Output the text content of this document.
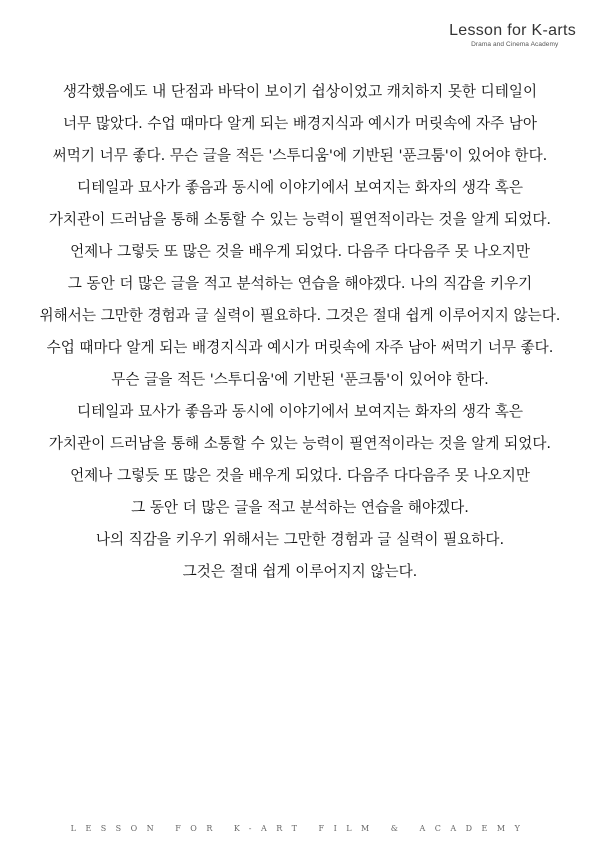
Lesson for K-arts
Drama and Cinema Academy
생각했음에도 내 단점과 바닥이 보이기 쉽상이었고 캐치하지 못한 디테일이
너무 많았다. 수업 때마다 알게 되는 배경지식과 예시가 머릿속에 자주 남아
써먹기 너무 좋다. 무슨 글을 적든 '스투디움'에 기반된 '푼크툼'이 있어야 한다.
디테일과 묘사가 좋음과 동시에 이야기에서 보여지는 화자의 생각 혹은
가치관이 드러남을 통해 소통할 수 있는 능력이 필연적이라는 것을 알게 되었다.
언제나 그렇듯 또 많은 것을 배우게 되었다. 다음주 다다음주 못 나오지만
그 동안 더 많은 글을 적고 분석하는 연습을 해야겠다. 나의 직감을 키우기
위해서는 그만한 경험과 글 실력이 필요하다. 그것은 절대 쉽게 이루어지지 않는다.
수업 때마다 알게 되는 배경지식과 예시가 머릿속에 자주 남아 써먹기 너무 좋다.
무슨 글을 적든 '스투디움'에 기반된 '푼크툼'이 있어야 한다.
디테일과 묘사가 좋음과 동시에 이야기에서 보여지는 화자의 생각 혹은
가치관이 드러남을 통해 소통할 수 있는 능력이 필연적이라는 것을 알게 되었다.
언제나 그렇듯 또 많은 것을 배우게 되었다. 다음주 다다음주 못 나오지만
그 동안 더 많은 글을 적고 분석하는 연습을 해야겠다.
나의 직감을 키우기 위해서는 그만한 경험과 글 실력이 필요하다.
그것은 절대 쉽게 이루어지지 않는다.
LESSON FOR K-ART FILM & ACADEMY
